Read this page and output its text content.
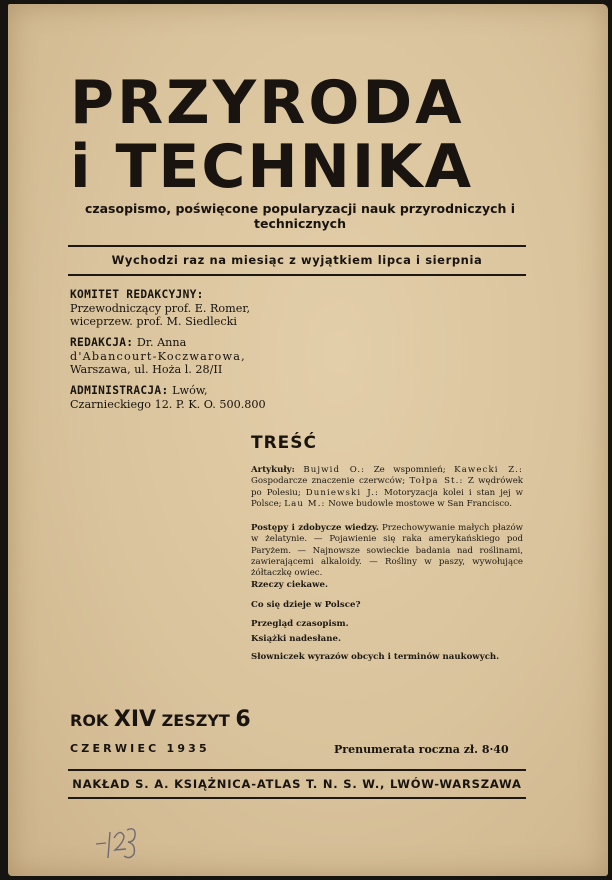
PRZYRODA
i TECHNIKA
czasopismo, poświęcone popularyzacji nauk przyrodniczych i technicznych
Wychodzi raz na miesiąc z wyjątkiem lipca i sierpnia
KOMITET REDAKCYJNY:
Przewodniczący prof. E. Romer,
wiceprzew. prof. M. Siedlecki
REDAKCJA: Dr. Anna
d'Abancourt-Koczwarowa,
Warszawa, ul. Hoża l. 28/II
ADMINISTRACJA: Lwów,
Czarnieckiego 12. P. K. O. 500.800
TREŚĆ
Artykuły: Bujwid O.: Ze wspomnień; Kawecki Z.: Gospodarcze znaczenie czerwców; Tołpa St.: Z wędrówek po Polesiu; Duniewski J.: Motoryzacja kolei i stan jej w Polsce; Lau M.: Nowe budowle mostowe w San Francisco.
Postępy i zdobycze wiedzy. Przechowywanie małych płazów w żelatynie. — Pojawienie się raka amerykańskiego pod Paryżem. — Najnowsze sowieckie badania nad roślinami, zawierającemi alkaloidy. — Rośliny w paszy, wywołujące żółtaczkę owiec.
Rzeczy ciekawe.
Co się dzieje w Polsce?
Przegląd czasopism.
Książki nadesłane.
Słowniczek wyrazów obcych i terminów naukowych.
ROK XIV ZESZYT 6
CZERWIEC 1935	Prenumerata roczna zł. 8·40
NAKŁAD S. A. KSIĄŻNICA-ATLAS T. N. S. W., LWÓW-WARSZAWA
